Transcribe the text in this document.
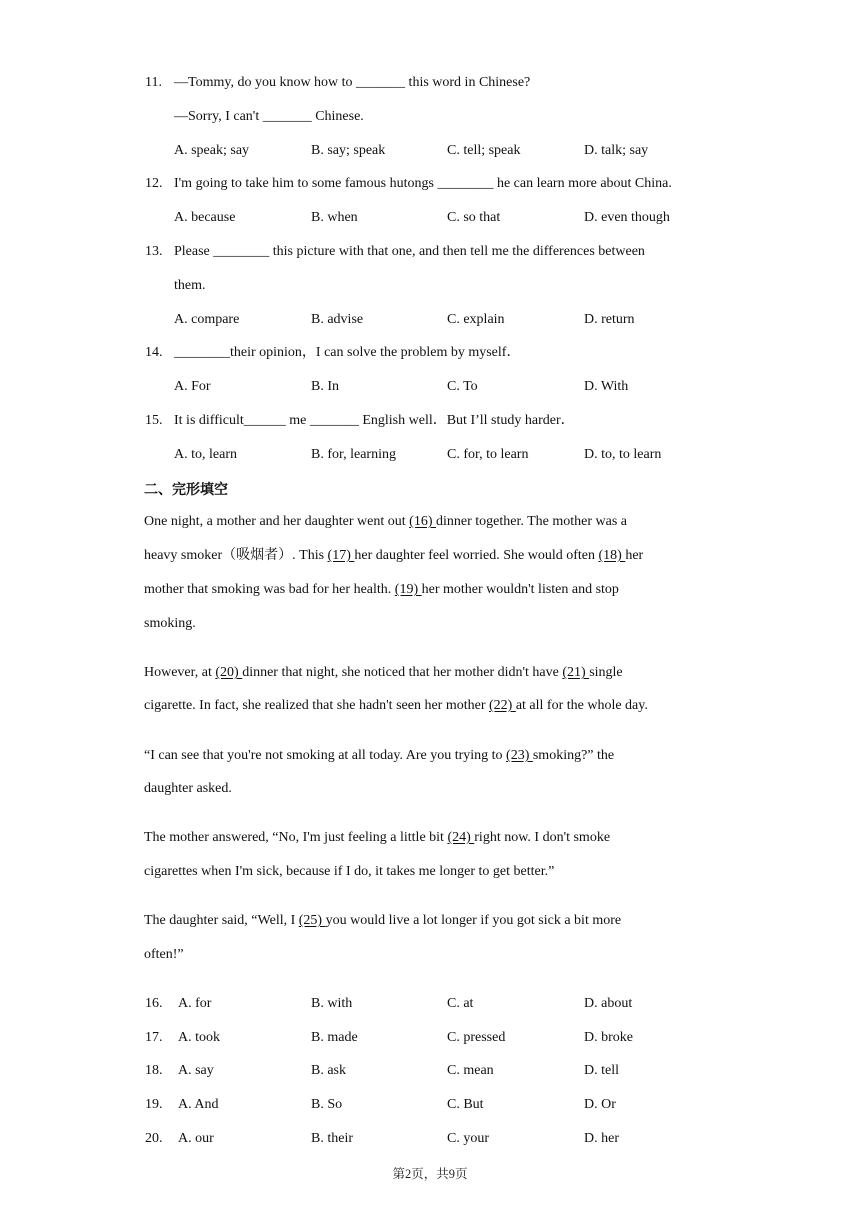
11. —Tommy, do you know how to _______ this word in Chinese?
—Sorry, I can't _______ Chinese.
A. speak; say	B. say; speak	C. tell; speak	D. talk; say
12. I'm going to take him to some famous hutongs ________ he can learn more about China.
A. because	B. when	C. so that	D. even though
13. Please ________ this picture with that one, and then tell me the differences between
them.
A. compare	B. advise	C. explain	D. return
14. ________their opinion，I can solve the problem by myself．
A. For	B. In	C. To	D. With
15. It is difficult______ me _______ English well．But I’ll study harder．
A. to, learn	B. for, learning	C. for, to learn	D. to, to learn
二、完形填空
One night, a mother and her daughter went out (16) dinner together. The mother was a
heavy smoker（吸烟者）. This (17) her daughter feel worried. She would often (18) her
mother that smoking was bad for her health. (19) her mother wouldn't listen and stop
smoking.
However, at (20) dinner that night, she noticed that her mother didn't have (21) single
cigarette. In fact, she realized that she hadn't seen her mother (22) at all for the whole day.
“I can see that you're not smoking at all today. Are you trying to (23) smoking?” the
daughter asked.
The mother answered, “No, I'm just feeling a little bit (24) right now. I don't smoke
cigarettes when I'm sick, because if I do, it takes me longer to get better.”
The daughter said, “Well, I (25) you would live a lot longer if you got sick a bit more
often!”
16. A. for	B. with	C. at	D. about
17. A. took	B. made	C. pressed	D. broke
18. A. say	B. ask	C. mean	D. tell
19. A. And	B. So	C. But	D. Or
20. A. our	B. their	C. your	D. her
第2页，共9页
